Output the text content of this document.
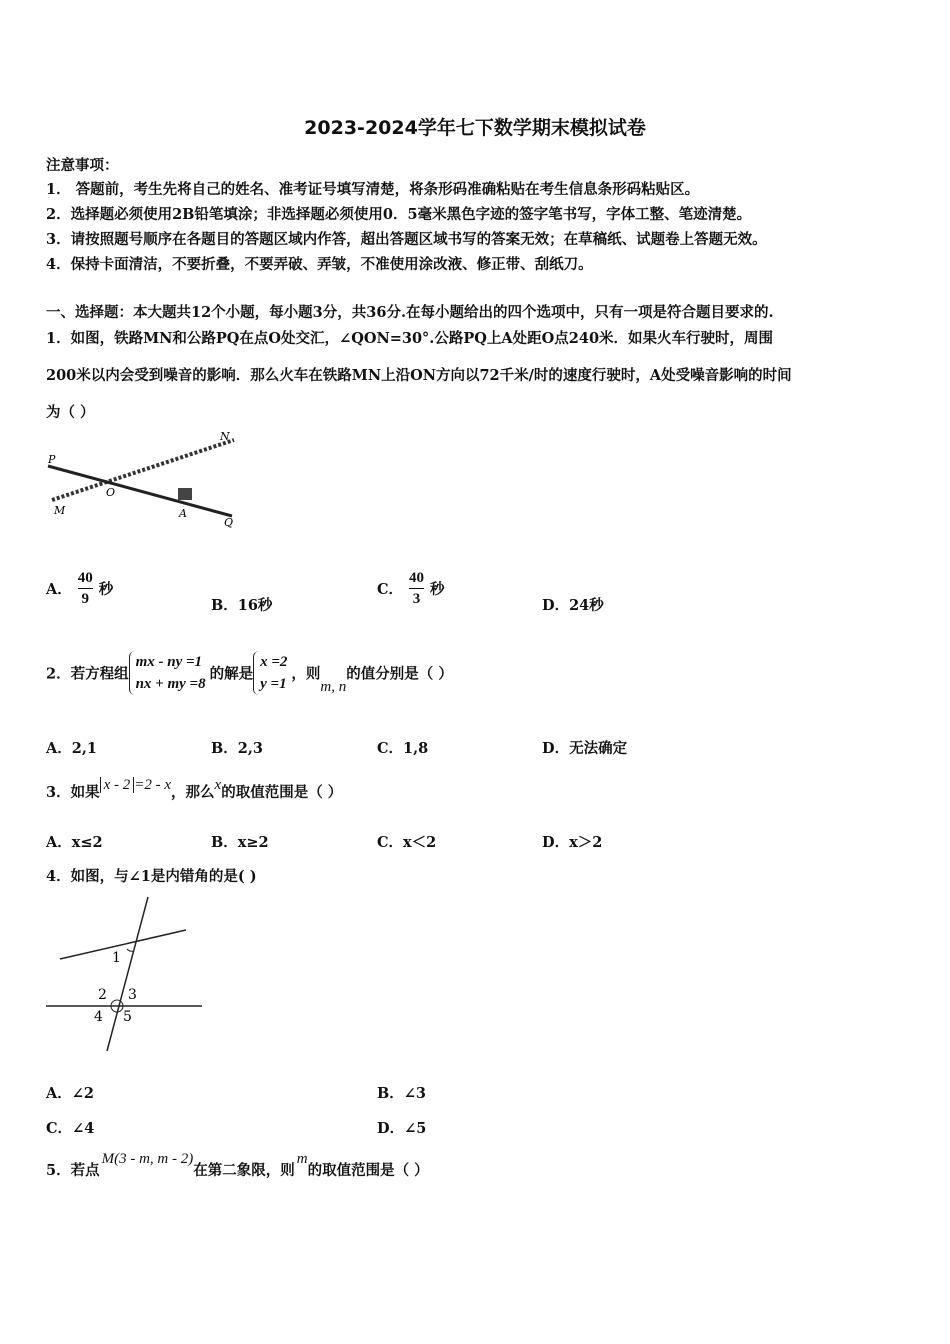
2023-2024学年七下数学期末模拟试卷
注意事项：
1． 答题前，考生先将自己的姓名、准考证号填写清楚，将条形码准确粘贴在考生信息条形码粘贴区。
2．选择题必须使用2B铅笔填涂；非选择题必须使用0．5毫米黑色字迹的签字笔书写，字体工整、笔迹清楚。
3．请按照题号顺序在各题目的答题区域内作答，超出答题区域书写的答案无效；在草稿纸、试题卷上答题无效。
4．保持卡面清洁，不要折叠，不要弄破、弄皱，不准使用涂改液、修正带、刮纸刀。
一、选择题：本大题共12个小题，每小题3分，共36分.在每小题给出的四个选项中，只有一项是符合题目要求的.
1．如图，铁路MN和公路PQ在点O处交汇，∠QON=30°.公路PQ上A处距O点240米．如果火车行驶时，周围
200米以内会受到噪音的影响．那么火车在铁路MN上沿ON方向以72千米/时的速度行驶时，A处受噪音影响的时间
为（ ）
P
N
M
O
A
Q
A． $\frac{40}{9}$ 秒
B．16秒
C． $\frac{40}{3}$ 秒
D．24秒
2．若方程组
mx - ny =1
nx + my =8
的解是
x =2
y =1
，则m, n的值分别是（ ）
A．2,1	B．2,3	C．1,8	D．无法确定
3．如果 x - 2 =2 - x，那么x的取值范围是（ ）
A．x≤2	B．x≥2	C．x＜2	D．x＞2
4．如图，与∠1是内错角的是( )
1
2 3
4 5
A．∠2	B．∠3
C．∠4	D．∠5
5．若点M(3 - m, m - 2)在第二象限，则m的取值范围是（ ）
